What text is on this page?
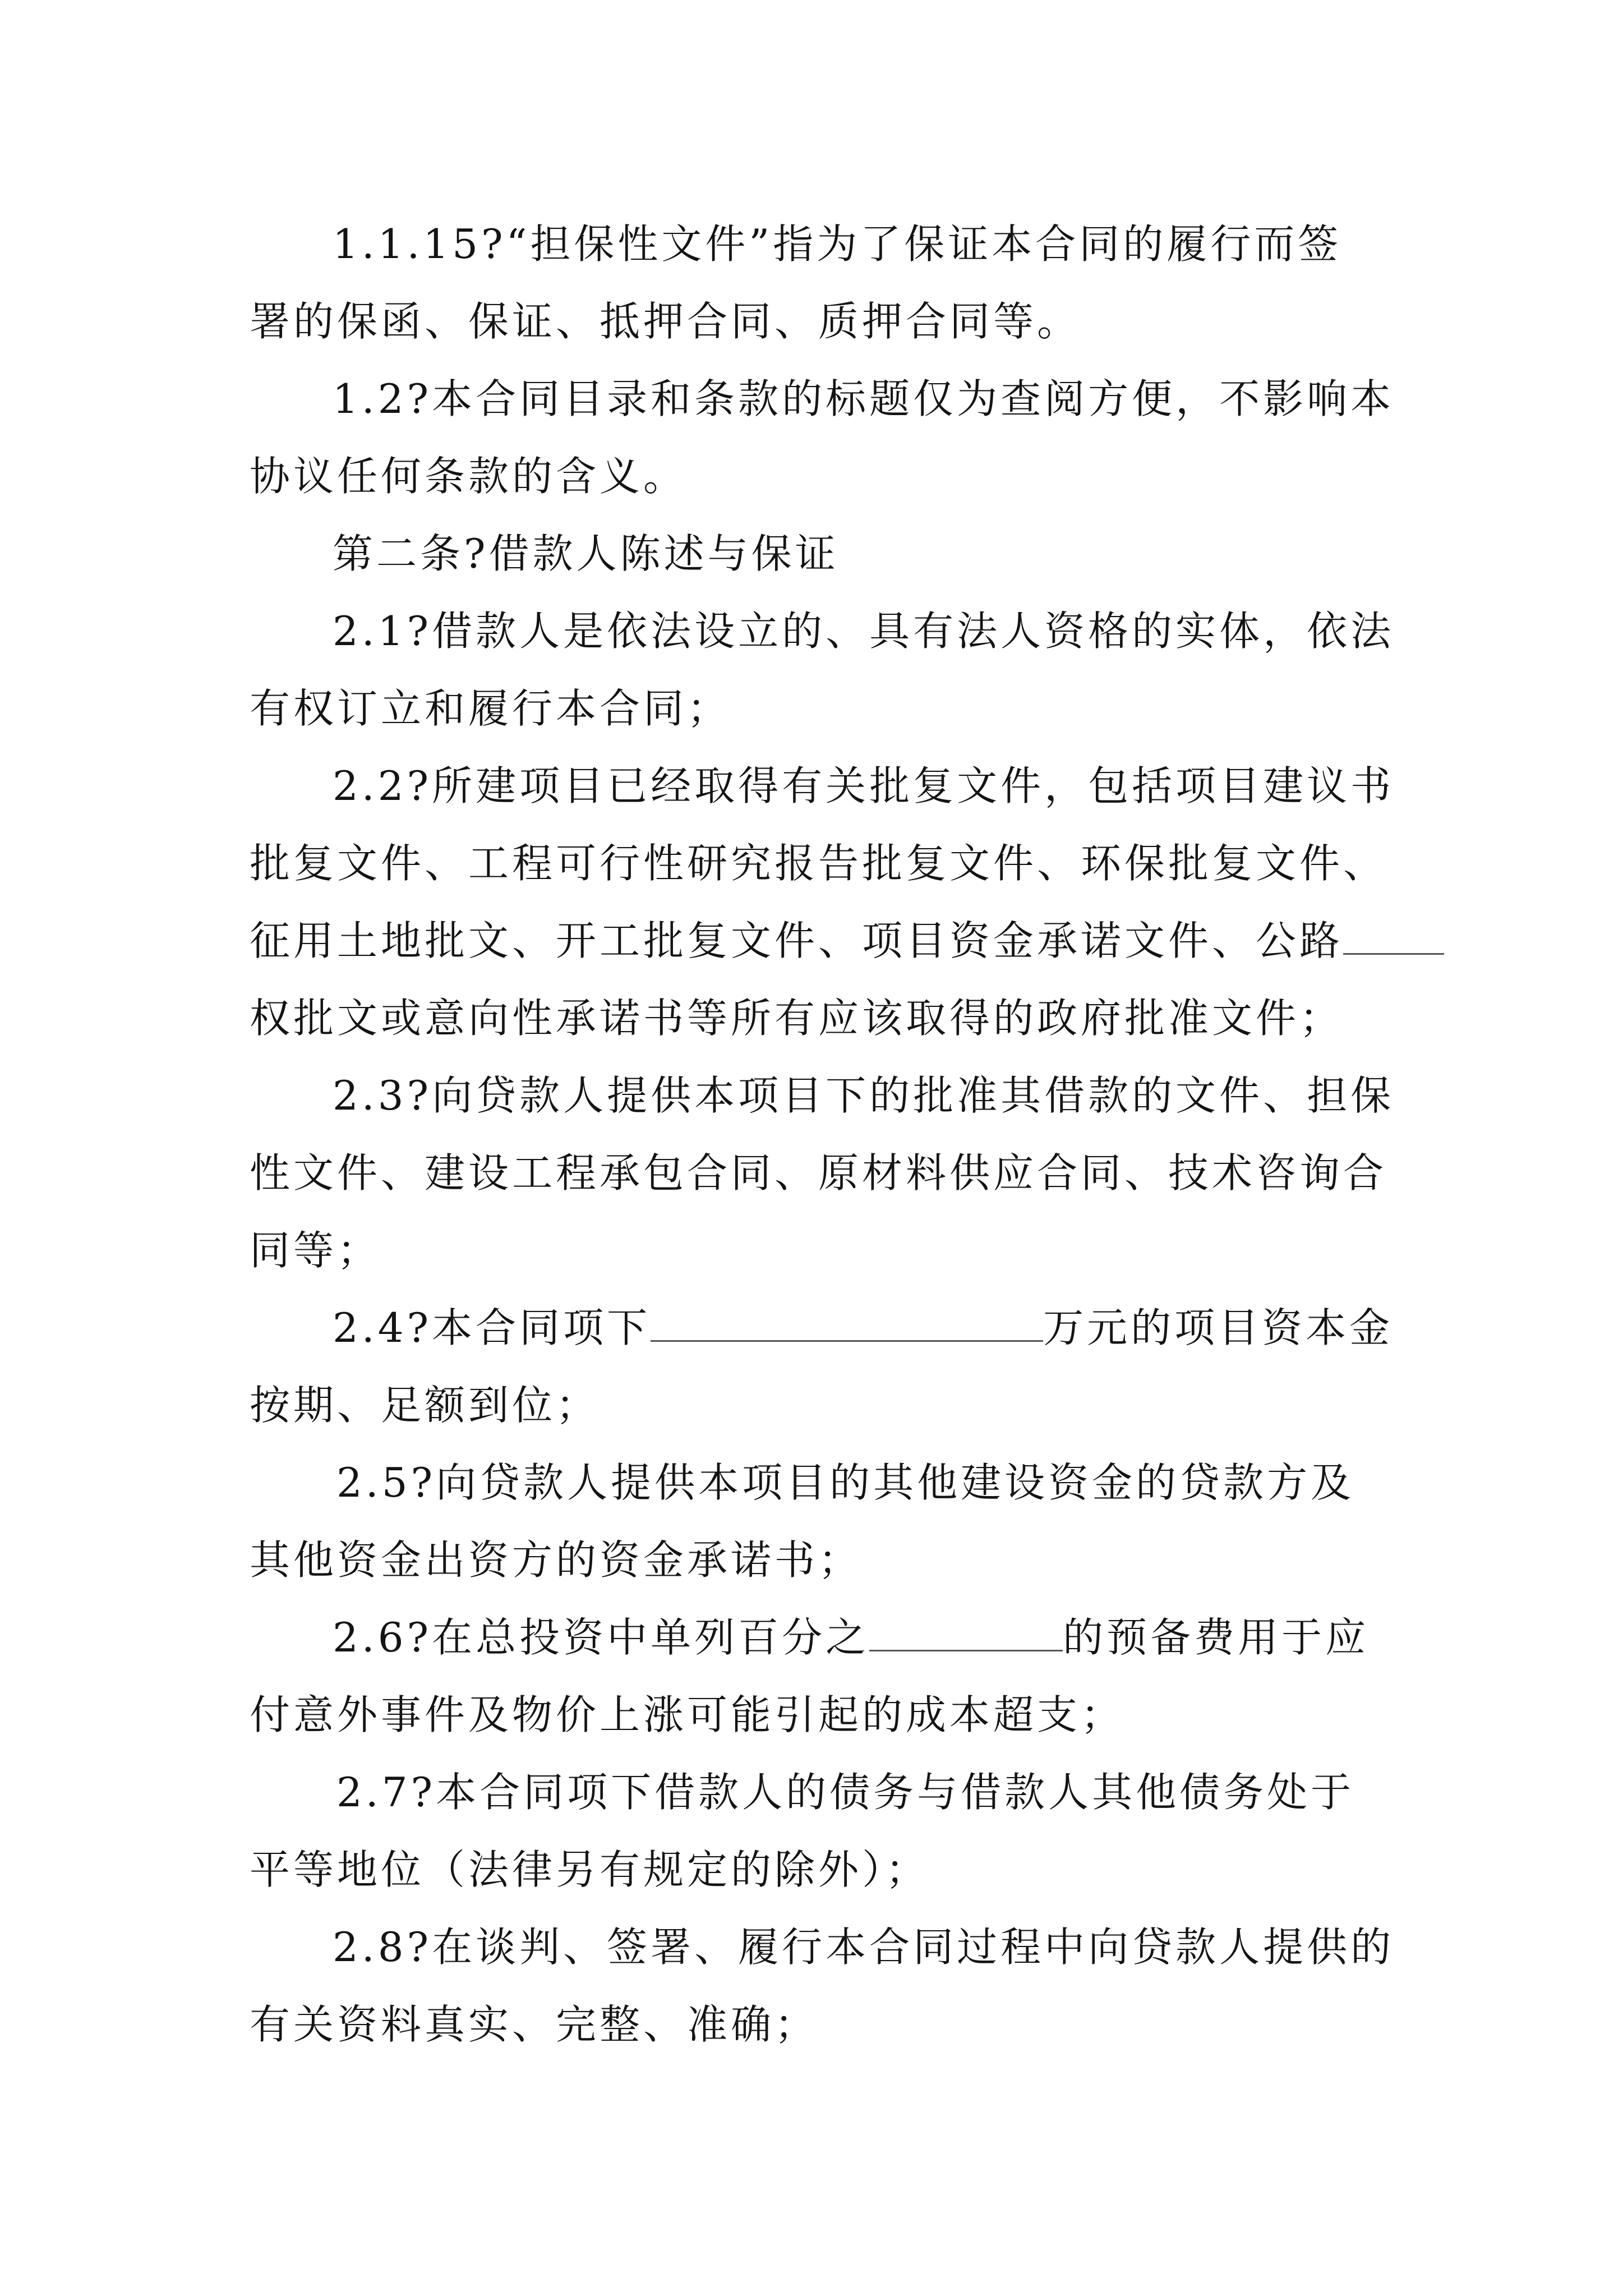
1.1.15?“担保性文件”指为了保证本合同的履行而签
署的保函、保证、抵押合同、质押合同等。

1.2?本合同目录和条款的标题仅为查阅方便，不影响本
协议任何条款的含义。

第二条?借款人陈述与保证

2.1?借款人是依法设立的、具有法人资格的实体，依法
有权订立和履行本合同；

2.2?所建项目已经取得有关批复文件，包括项目建议书
批复文件、工程可行性研究报告批复文件、环保批复文件、
征用土地批文、开工批复文件、项目资金承诺文件、公路
权批文或意向性承诺书等所有应该取得的政府批准文件；

2.3?向贷款人提供本项目下的批准其借款的文件、担保
性文件、建设工程承包合同、原材料供应合同、技术咨询合
同等；

2.4?本合同项下	万元的项目资本金
按期、足额到位；

2.5?向贷款人提供本项目的其他建设资金的贷款方及
其他资金出资方的资金承诺书；

2.6?在总投资中单列百分之	的预备费用于应
付意外事件及物价上涨可能引起的成本超支；

2.7?本合同项下借款人的债务与借款人其他债务处于
平等地位（法律另有规定的除外）；

2.8?在谈判、签署、履行本合同过程中向贷款人提供的
有关资料真实、完整、准确；
